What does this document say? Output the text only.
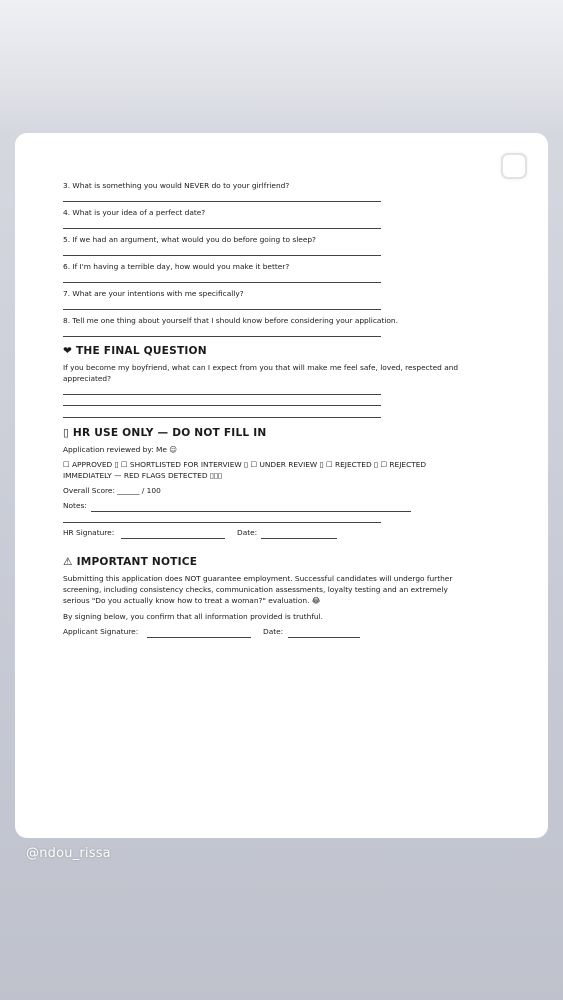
3. What is something you would NEVER do to your girlfriend?
4. What is your idea of a perfect date?
5. If we had an argument, what would you do before going to sleep?
6. If I'm having a terrible day, how would you make it better?
7. What are your intentions with me specifically?
8. Tell me one thing about yourself that I should know before considering your application.
❤ THE FINAL QUESTION
If you become my boyfriend, what can I expect from you that will make me feel safe, loved, respected and
appreciated?
▯ HR USE ONLY — DO NOT FILL IN
Application reviewed by: Me ☺
☐ APPROVED ▯ ☐ SHORTLISTED FOR INTERVIEW ▯ ☐ UNDER REVIEW ▯ ☐ REJECTED ▯ ☐ REJECTED
IMMEDIATELY — RED FLAGS DETECTED ▯▯▯
Overall Score: ______ / 100
Notes:
HR Signature:	Date:
⚠ IMPORTANT NOTICE
Submitting this application does NOT guarantee employment. Successful candidates will undergo further
screening, including consistency checks, communication assessments, loyalty testing and an extremely
serious "Do you actually know how to treat a woman?" evaluation. 😂
By signing below, you confirm that all information provided is truthful.
Applicant Signature:	Date:
@ndou_rissa
